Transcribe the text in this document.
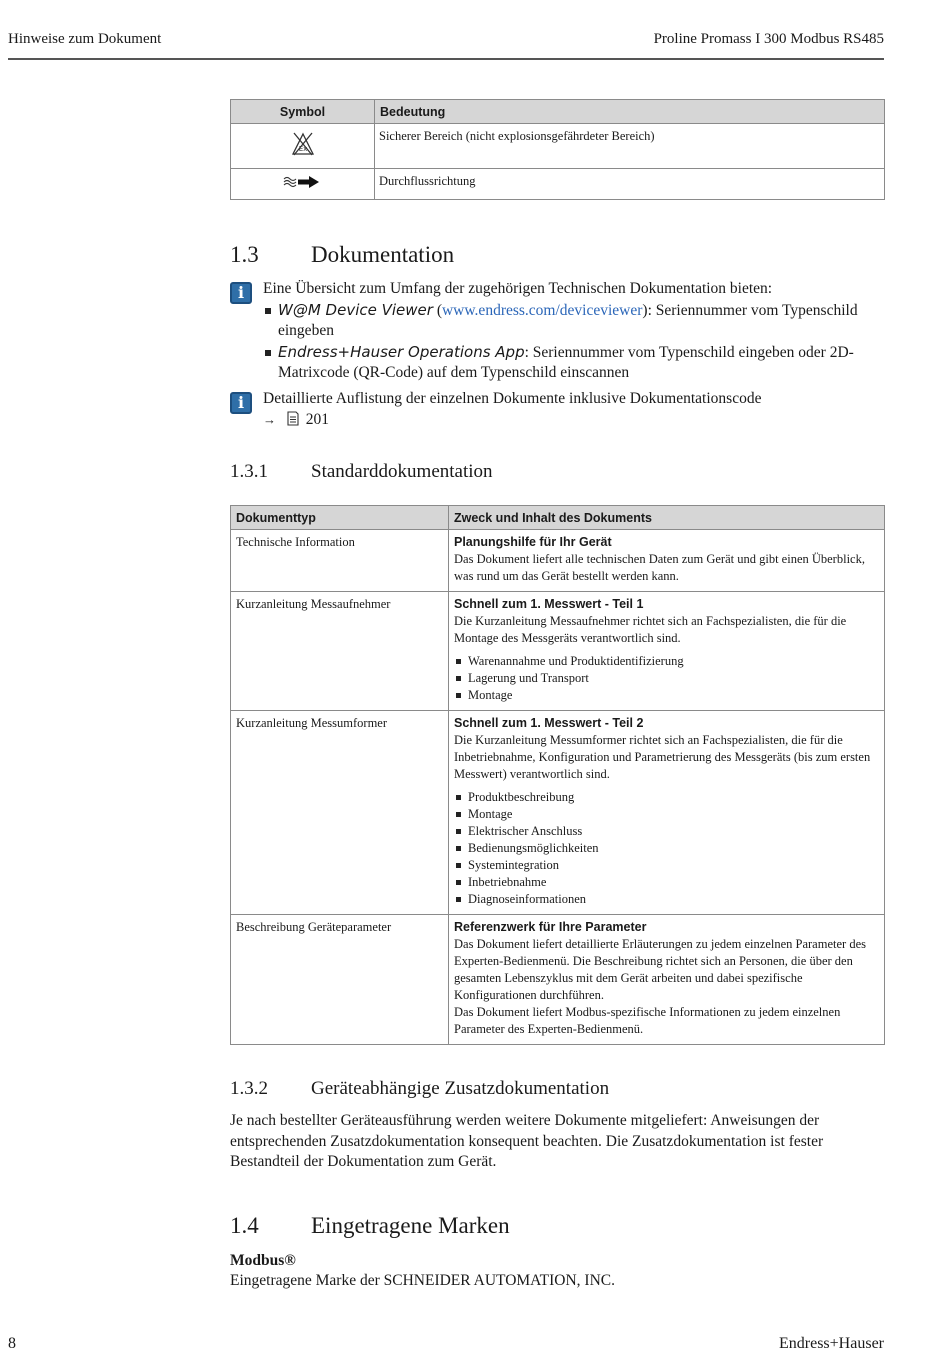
Hinweise zum Dokument	Proline Promass I 300 Modbus RS485
Symbol	Bedeutung

Ex	Sicherer Bereich (nicht explosionsgefährdeter Bereich)
	Durchflussrichtung
1.3 Dokumentation
i	Eine Übersicht zum Umfang der zugehörigen Technischen Dokumentation bieten:
W@M Device Viewer (www.endress.com/deviceviewer): Seriennummer vom Typenschild eingeben
Endress+Hauser Operations App: Seriennummer vom Typenschild eingeben oder 2D-Matrixcode (QR-Code) auf dem Typenschild einscannen
i	Detaillierte Auflistung der einzelnen Dokumente inklusive Dokumentationscode
→ 201
1.3.1 Standarddokumentation
Dokumenttyp	Zweck und Inhalt des Dokuments
Technische Information	Planungshilfe für Ihr Gerät
Das Dokument liefert alle technischen Daten zum Gerät und gibt einen Überblick, was rund um das Gerät bestellt werden kann.

Kurzanleitung Messaufnehmer	Schnell zum 1. Messwert - Teil 1
Die Kurzanleitung Messaufnehmer richtet sich an Fachspezialisten, die für die Montage des Messgeräts verantwortlich sind.
Warenannahme und Produktidentifizierung
Lagerung und Transport
Montage

Kurzanleitung Messumformer	Schnell zum 1. Messwert - Teil 2
Die Kurzanleitung Messumformer richtet sich an Fachspezialisten, die für die Inbetriebnahme, Konfiguration und Parametrierung des Messgeräts (bis zum ersten Messwert) verantwortlich sind.
Produktbeschreibung
Montage
Elektrischer Anschluss
Bedienungsmöglichkeiten
Systemintegration
Inbetriebnahme
Diagnoseinformationen

Beschreibung Geräteparameter	Referenzwerk für Ihre Parameter
Das Dokument liefert detaillierte Erläuterungen zu jedem einzelnen Parameter des Experten-Bedienmenü. Die Beschreibung richtet sich an Personen, die über den gesamten Lebenszyklus mit dem Gerät arbeiten und dabei spezifische Konfigurationen durchführen.
Das Dokument liefert Modbus-spezifische Informationen zu jedem einzelnen Parameter des Experten-Bedienmenü.
1.3.2 Geräteabhängige Zusatzdokumentation

Je nach bestellter Geräteausführung werden weitere Dokumente mitgeliefert: Anweisungen der entsprechenden Zusatzdokumentation konsequent beachten. Die Zusatzdokumentation ist fester Bestandteil der Dokumentation zum Gerät.

1.4 Eingetragene Marken

Modbus®

Eingetragene Marke der SCHNEIDER AUTOMATION, INC.

8	Endress+Hauser
